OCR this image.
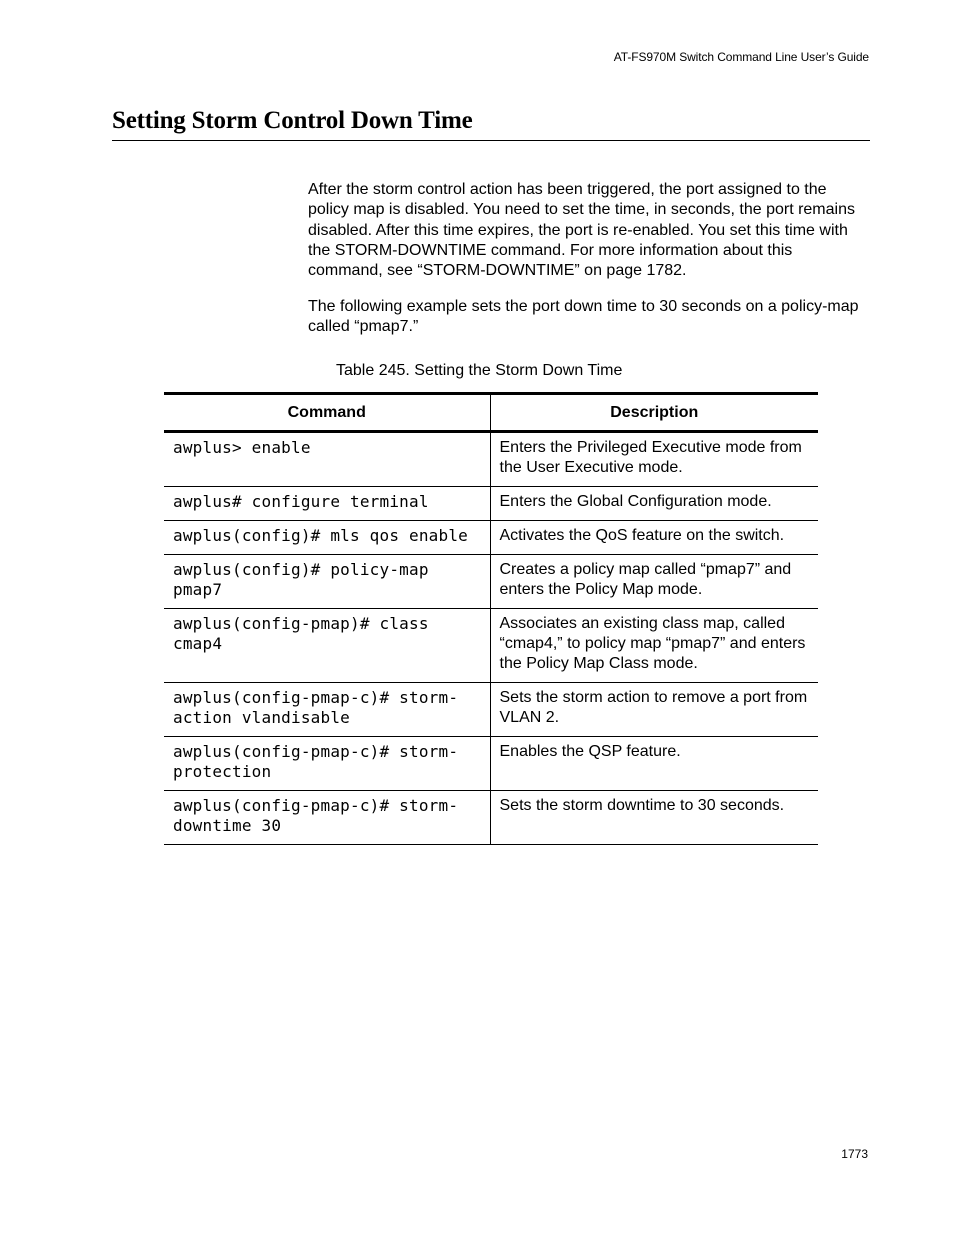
AT-FS970M Switch Command Line User’s Guide
Setting Storm Control Down Time

After the storm control action has been triggered, the port assigned to the policy map is disabled. You need to set the time, in seconds, the port remains disabled. After this time expires, the port is re-enabled. You set this time with the STORM-DOWNTIME command. For more information about this command, see “STORM-DOWNTIME” on page 1782.

The following example sets the port down time to 30 seconds on a policy-map called “pmap7.”

Table 245. Setting the Storm Down Time
Command	Description
awplus> enable	Enters the Privileged Executive mode from the User Executive mode.
awplus# configure terminal	Enters the Global Configuration mode.
awplus(config)# mls qos enable	Activates the QoS feature on the switch.
awplus(config)# policy-map pmap7	Creates a policy map called “pmap7” and enters the Policy Map mode.
awplus(config-pmap)# class cmap4	Associates an existing class map, called “cmap4,” to policy map “pmap7” and enters the Policy Map Class mode.
awplus(config-pmap-c)# storm-action vlandisable	Sets the storm action to remove a port from VLAN 2.
awplus(config-pmap-c)# storm-protection	Enables the QSP feature.
awplus(config-pmap-c)# storm-downtime 30	Sets the storm downtime to 30 seconds.
1773
